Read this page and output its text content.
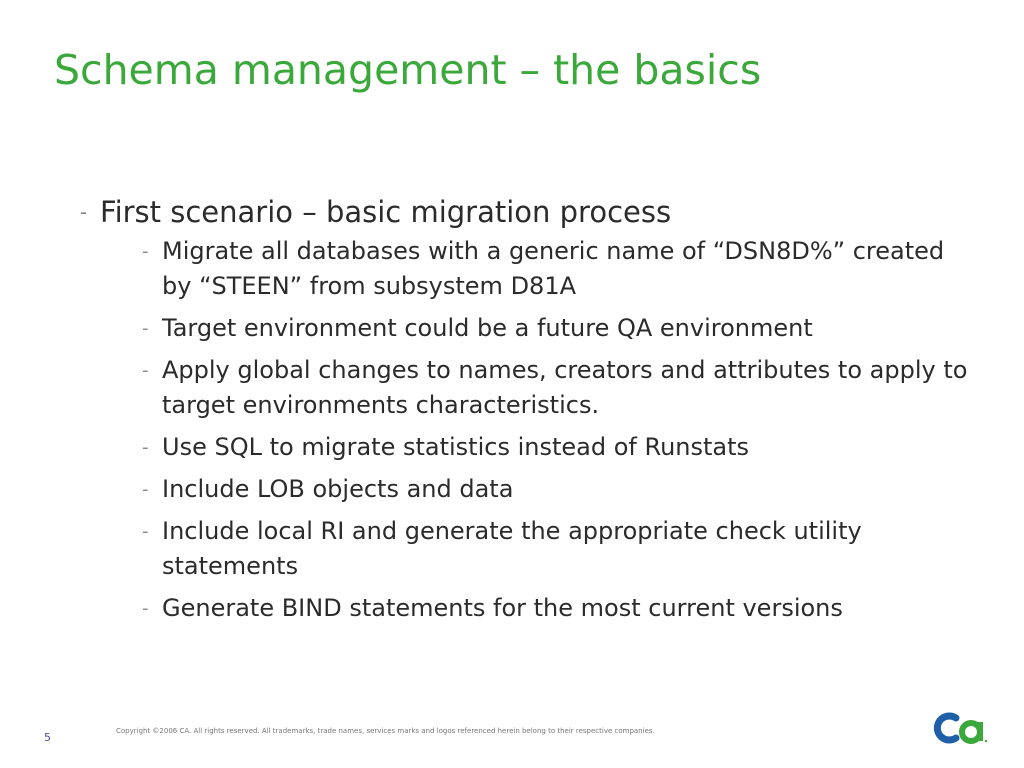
Schema management – the basics
- First scenario – basic migration process
- Migrate all databases with a generic name of “DSN8D%” created by “STEEN” from subsystem D81A
- Target environment could be a future QA environment
- Apply global changes to names, creators and attributes to apply to target environments characteristics.
- Use SQL to migrate statistics instead of Runstats
- Include LOB objects and data
- Include local RI and generate the appropriate check utility statements
- Generate BIND statements for the most current versions
5	Copyright ©2006 CA. All rights reserved. All trademarks, trade names, services marks and logos referenced herein belong to their respective companies.
